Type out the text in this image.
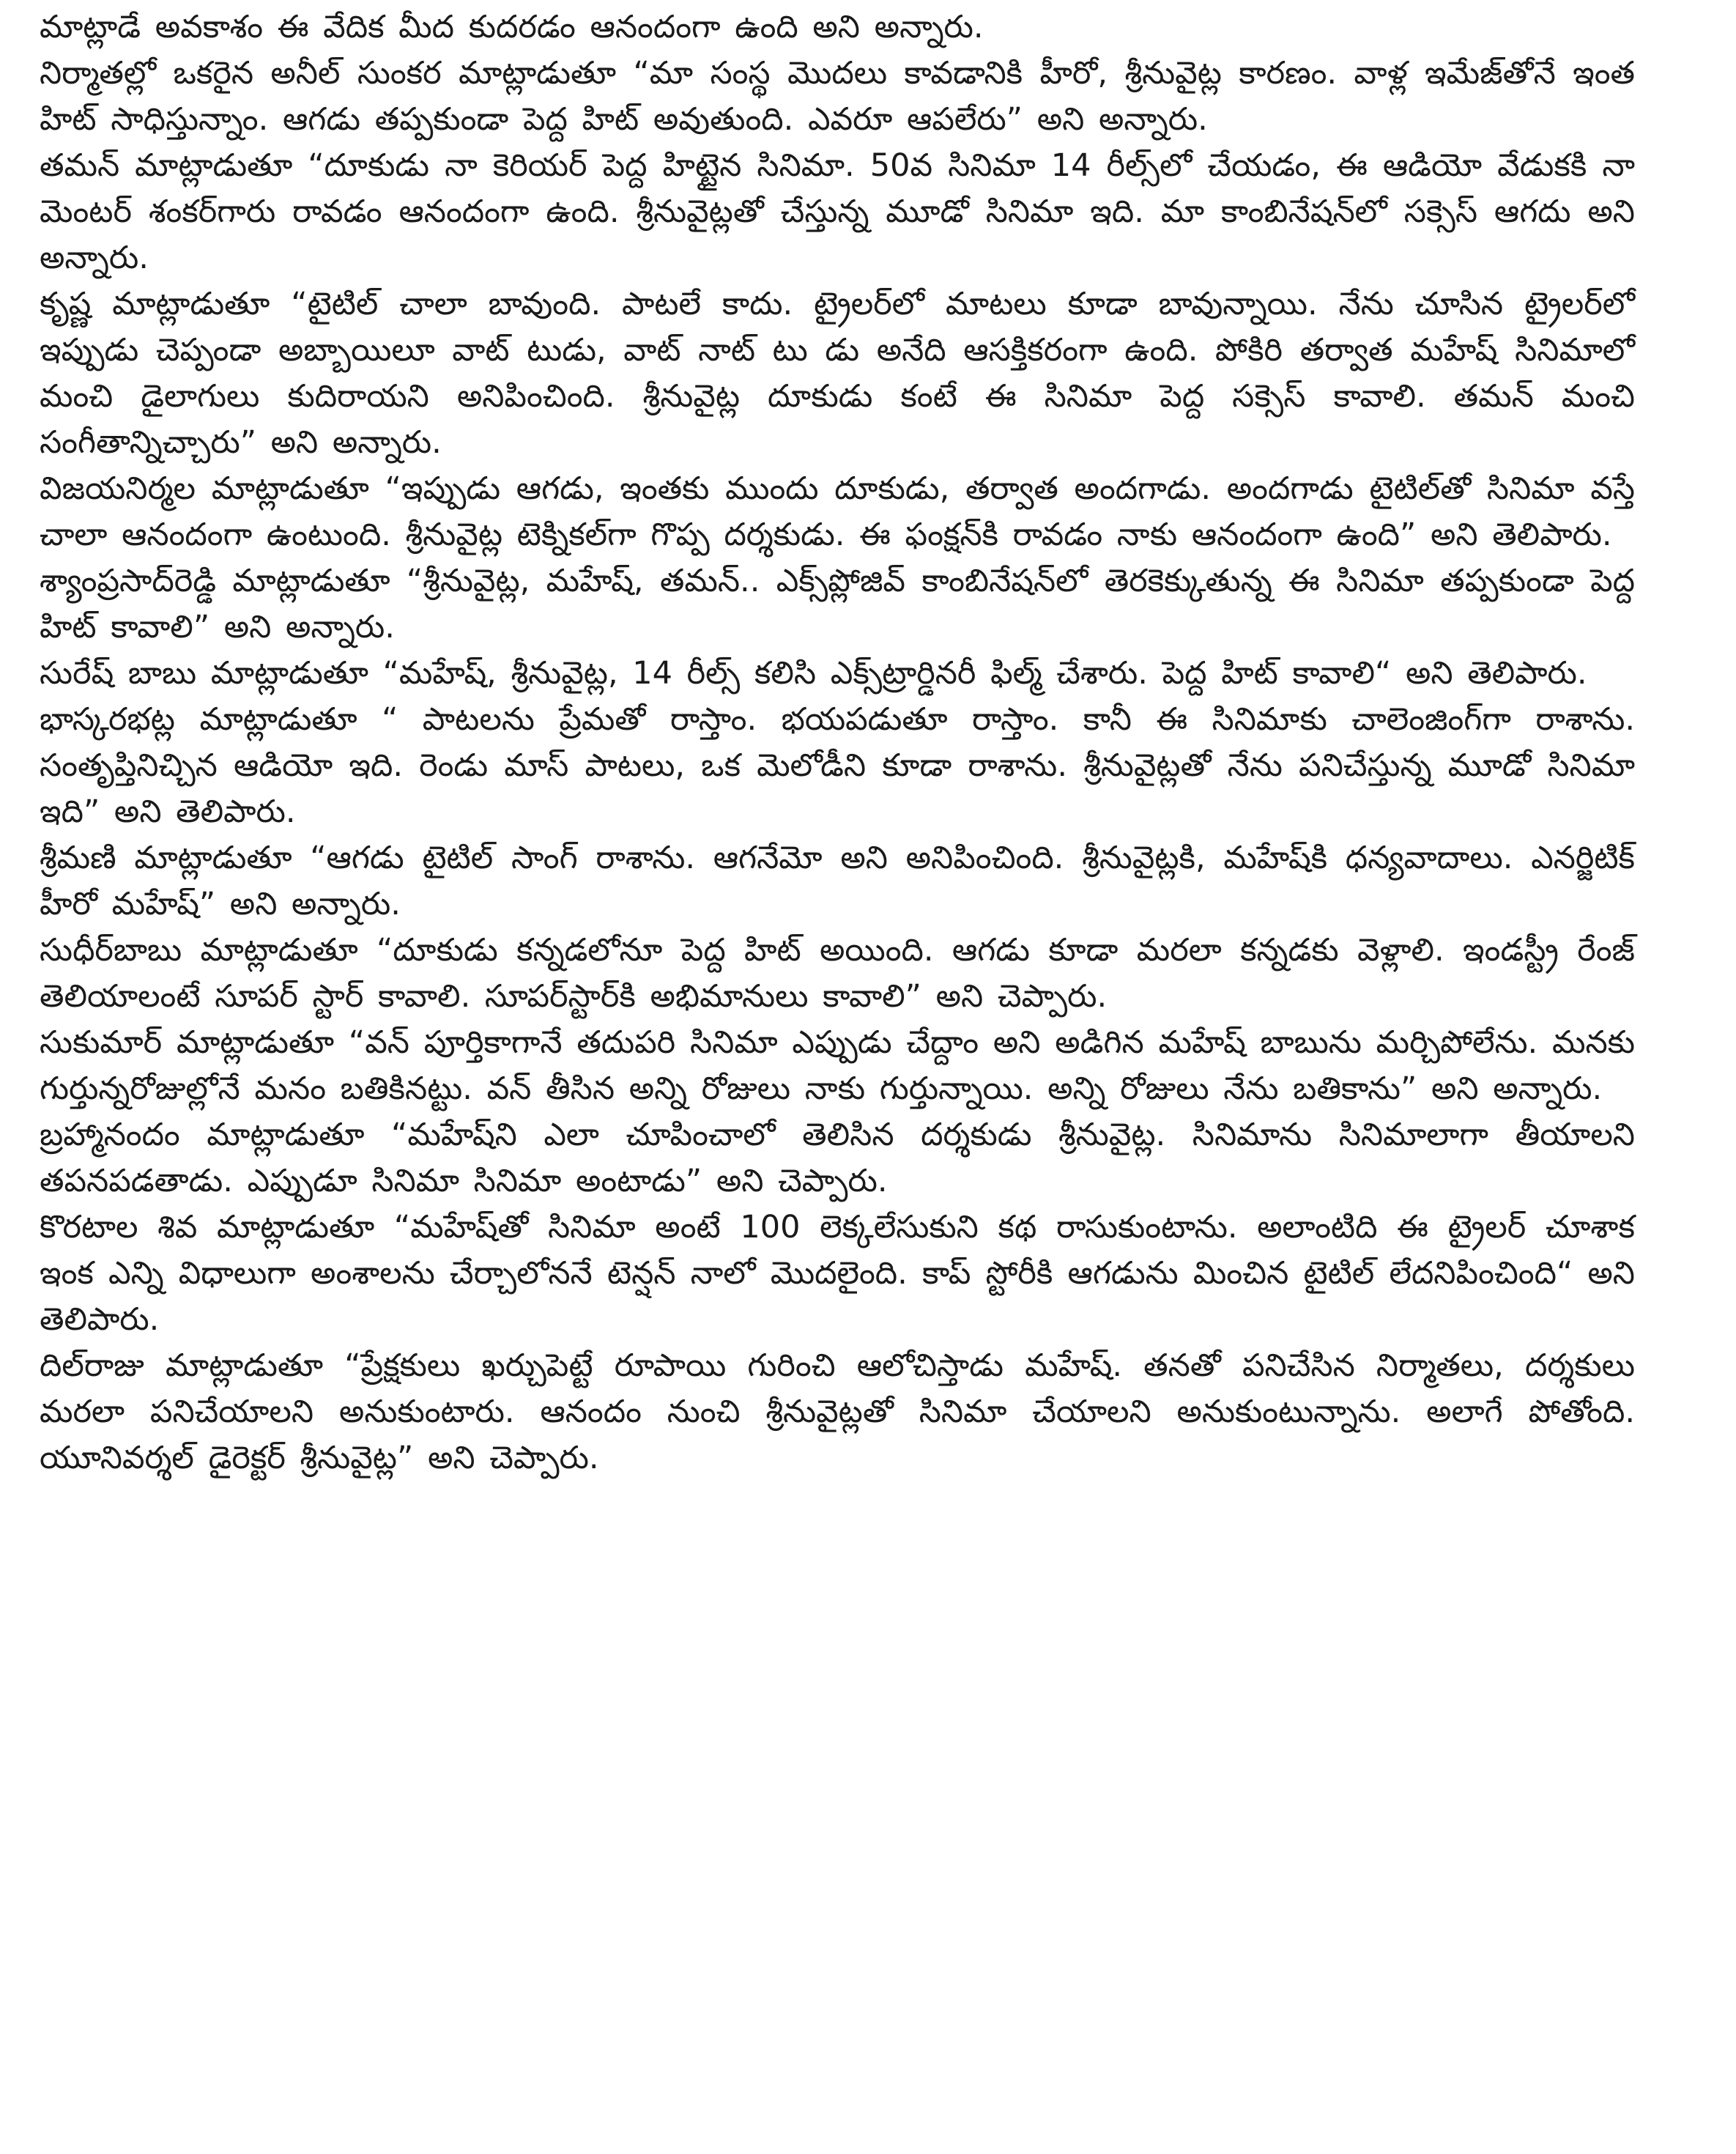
మాట్లాడే అవకాశం ఈ వేదిక మీద కుదరడం ఆనందంగా ఉంది అని అన్నారు.

నిర్మాతల్లో ఒకరైన అనీల్ సుంకర మాట్లాడుతూ “మా సంస్థ మొదలు కావడానికి హీరో, శ్రీనువైట్ల కారణం. వాళ్ల ఇమేజ్‌తోనే ఇంత హిట్ సాధిస్తున్నాం. ఆగడు తప్పకుండా పెద్ద హిట్ అవుతుంది. ఎవరూ ఆపలేరు” అని అన్నారు.

తమన్ మాట్లాడుతూ “దూకుడు నా కెరియర్ పెద్ద హిట్టైన సినిమా. 50వ సినిమా 14 రీల్స్‌లో చేయడం, ఈ ఆడియో వేడుకకి నా మెంటర్ శంకర్‌గారు రావడం ఆనందంగా ఉంది. శ్రీనువైట్లతో చేస్తున్న మూడో సినిమా ఇది. మా కాంబినేషన్‌లో సక్సెస్ ఆగదు అని అన్నారు.

కృష్ణ మాట్లాడుతూ “టైటిల్ చాలా బావుంది. పాటలే కాదు. ట్రైలర్‌లో మాటలు కూడా బావున్నాయి. నేను చూసిన ట్రైలర్‌లో ఇప్పుడు చెప్పండా అబ్బాయిలూ వాట్ టుడు, వాట్ నాట్ టు డు అనేది ఆసక్తికరంగా ఉంది. పోకిరి తర్వాత మహేష్ సినిమాలో మంచి డైలాగులు కుదిరాయని అనిపించింది. శ్రీనువైట్ల దూకుడు కంటే ఈ సినిమా పెద్ద సక్సెస్ కావాలి. తమన్ మంచి సంగీతాన్నిచ్చారు” అని అన్నారు.

విజయనిర్మల మాట్లాడుతూ “ఇప్పుడు ఆగడు, ఇంతకు ముందు దూకుడు, తర్వాత అందగాడు. అందగాడు టైటిల్‌తో సినిమా వస్తే చాలా ఆనందంగా ఉంటుంది. శ్రీనువైట్ల టెక్నికల్‌గా గొప్ప దర్శకుడు. ఈ ఫంక్షన్‌కి రావడం నాకు ఆనందంగా ఉంది” అని తెలిపారు.

శ్యాంప్రసాద్‌రెడ్డి మాట్లాడుతూ “శ్రీనువైట్ల, మహేష్, తమన్.. ఎక్స్‌ప్లోజివ్ కాంబినేషన్‌లో తెరకెక్కుతున్న ఈ సినిమా తప్పకుండా పెద్ద హిట్ కావాలి” అని అన్నారు.

సురేష్ బాబు మాట్లాడుతూ “మహేష్, శ్రీనువైట్ల, 14 రీల్స్ కలిసి ఎక్స్‌ట్రార్డినరీ ఫిల్మ్ చేశారు. పెద్ద హిట్ కావాలి“ అని తెలిపారు.

భాస్కరభట్ల మాట్లాడుతూ “ పాటలను ప్రేమతో రాస్తాం. భయపడుతూ రాస్తాం. కానీ ఈ సినిమాకు చాలెంజింగ్‌గా రాశాను. సంతృప్తినిచ్చిన ఆడియో ఇది. రెండు మాస్ పాటలు, ఒక మెలోడీని కూడా రాశాను. శ్రీనువైట్లతో నేను పనిచేస్తున్న మూడో సినిమా ఇది” అని తెలిపారు.

శ్రీమణి మాట్లాడుతూ “ఆగడు టైటిల్ సాంగ్ రాశాను. ఆగనేమో అని అనిపించింది. శ్రీనువైట్లకి, మహేష్‌కి ధన్యవాదాలు. ఎనర్జిటిక్ హీరో మహేష్” అని అన్నారు.

సుధీర్‌బాబు మాట్లాడుతూ “దూకుడు కన్నడలోనూ పెద్ద హిట్ అయింది. ఆగడు కూడా మరలా కన్నడకు వెళ్లాలి. ఇండస్ట్రీ రేంజ్ తెలియాలంటే సూపర్ స్టార్ కావాలి. సూపర్‌స్టార్‌కి అభిమానులు కావాలి” అని చెప్పారు.

సుకుమార్ మాట్లాడుతూ “వన్ పూర్తికాగానే తదుపరి సినిమా ఎప్పుడు చేద్దాం అని అడిగిన మహేష్ బాబును మర్చిపోలేను. మనకు గుర్తున్నరోజుల్లోనే మనం బతికినట్టు. వన్ తీసిన అన్ని రోజులు నాకు గుర్తున్నాయి. అన్ని రోజులు నేను బతికాను” అని అన్నారు.

బ్రహ్మానందం మాట్లాడుతూ “మహేష్‌ని ఎలా చూపించాలో తెలిసిన దర్శకుడు శ్రీనువైట్ల. సినిమాను సినిమాలాగా తీయాలని తపనపడతాడు. ఎప్పుడూ సినిమా సినిమా అంటాడు” అని చెప్పారు.

కొరటాల శివ మాట్లాడుతూ “మహేష్‌తో సినిమా అంటే 100 లెక్కలేసుకుని కథ రాసుకుంటాను. అలాంటిది ఈ ట్రైలర్ చూశాక ఇంక ఎన్ని విధాలుగా అంశాలను చేర్చాలోననే టెన్షన్ నాలో మొదలైంది. కాప్ స్టోరీకి ఆగడును మించిన టైటిల్ లేదనిపించింది“ అని తెలిపారు.

దిల్‌రాజు మాట్లాడుతూ “ప్రేక్షకులు ఖర్చుపెట్టే రూపాయి గురించి ఆలోచిస్తాడు మహేష్. తనతో పనిచేసిన నిర్మాతలు, దర్శకులు మరలా పనిచేయాలని అనుకుంటారు. ఆనందం నుంచి శ్రీనువైట్లతో సినిమా చేయాలని అనుకుంటున్నాను. అలాగే పోతోంది. యూనివర్శల్ డైరెక్టర్ శ్రీనువైట్ల” అని చెప్పారు.
